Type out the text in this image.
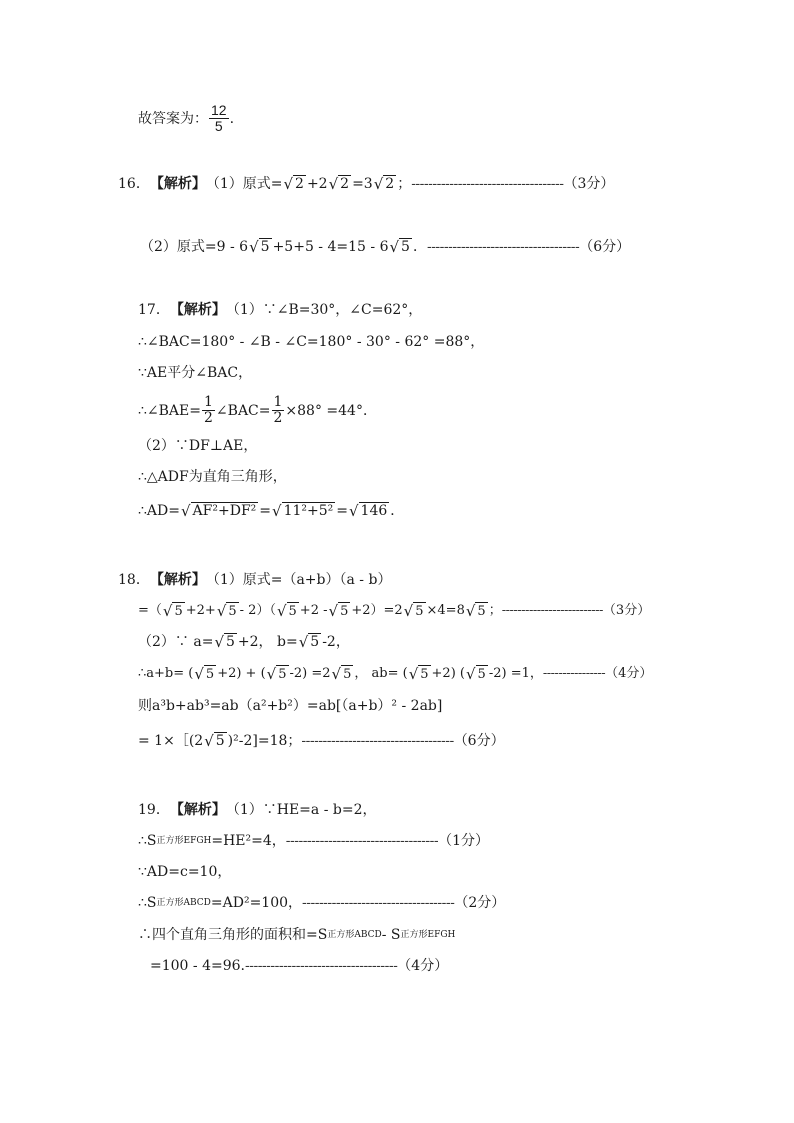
故答案为： $\frac{12}{5}$ .
16． 【解析】 （1）原式= √ 2 +2 √ 2 =3 √ 2 ； ------------------------------------ （3分）
（2）原式=9 - 6 √ 5 +5+5 - 4=15 - 6 √ 5 ． ------------------------------------ （6分）
17． 【解析】 （1）∵∠B=30°，∠C=62°，
∴∠BAC=180° - ∠B - ∠C=180° - 30° - 62° =88°，
∵AE平分∠BAC，
∴∠BAE= $\frac{1}{2}$ ∠BAC= $\frac{1}{2} \times 88^\circ =44^\circ$．
（2）∵DF⊥AE，
∴△ADF为直角三角形，
∴AD= √ AF²+DF² = √ 11²+5² = √ 146 ．
18． 【解析】 （1）原式=（a+b）（a - b）
=（ √ 5 +2+ √ 5 - 2）（ √ 5 +2 - √ 5 +2）=2 √ 5 ×4=8 √ 5 ； -------------------------- （3分）
（2）∵ a= √ 5 +2， b= √ 5 -2，
∴a+b= ( √ 5 +2) + ( √ 5 -2) =2 √ 5 ， ab= ( √ 5 +2) ( √ 5 -2) =1， ---------------- （4分）
则a³b+ab³=ab（a²+b²）=ab[（a+b）² - 2ab]
= 1×［(2 √ 5 )²-2]=18； ------------------------------------ （6分）
19． 【解析】 （1）∵HE=a - b=2，
∴S 正方形EFGH =HE²=4， ------------------------------------ （1分）
∵AD=c=10，
∴S 正方形ABCD =AD²=100， ------------------------------------ （2分）
∴四个直角三角形的面积和=S 正方形ABCD - S 正方形EFGH
=100 - 4=96. ------------------------------------ （4分）
